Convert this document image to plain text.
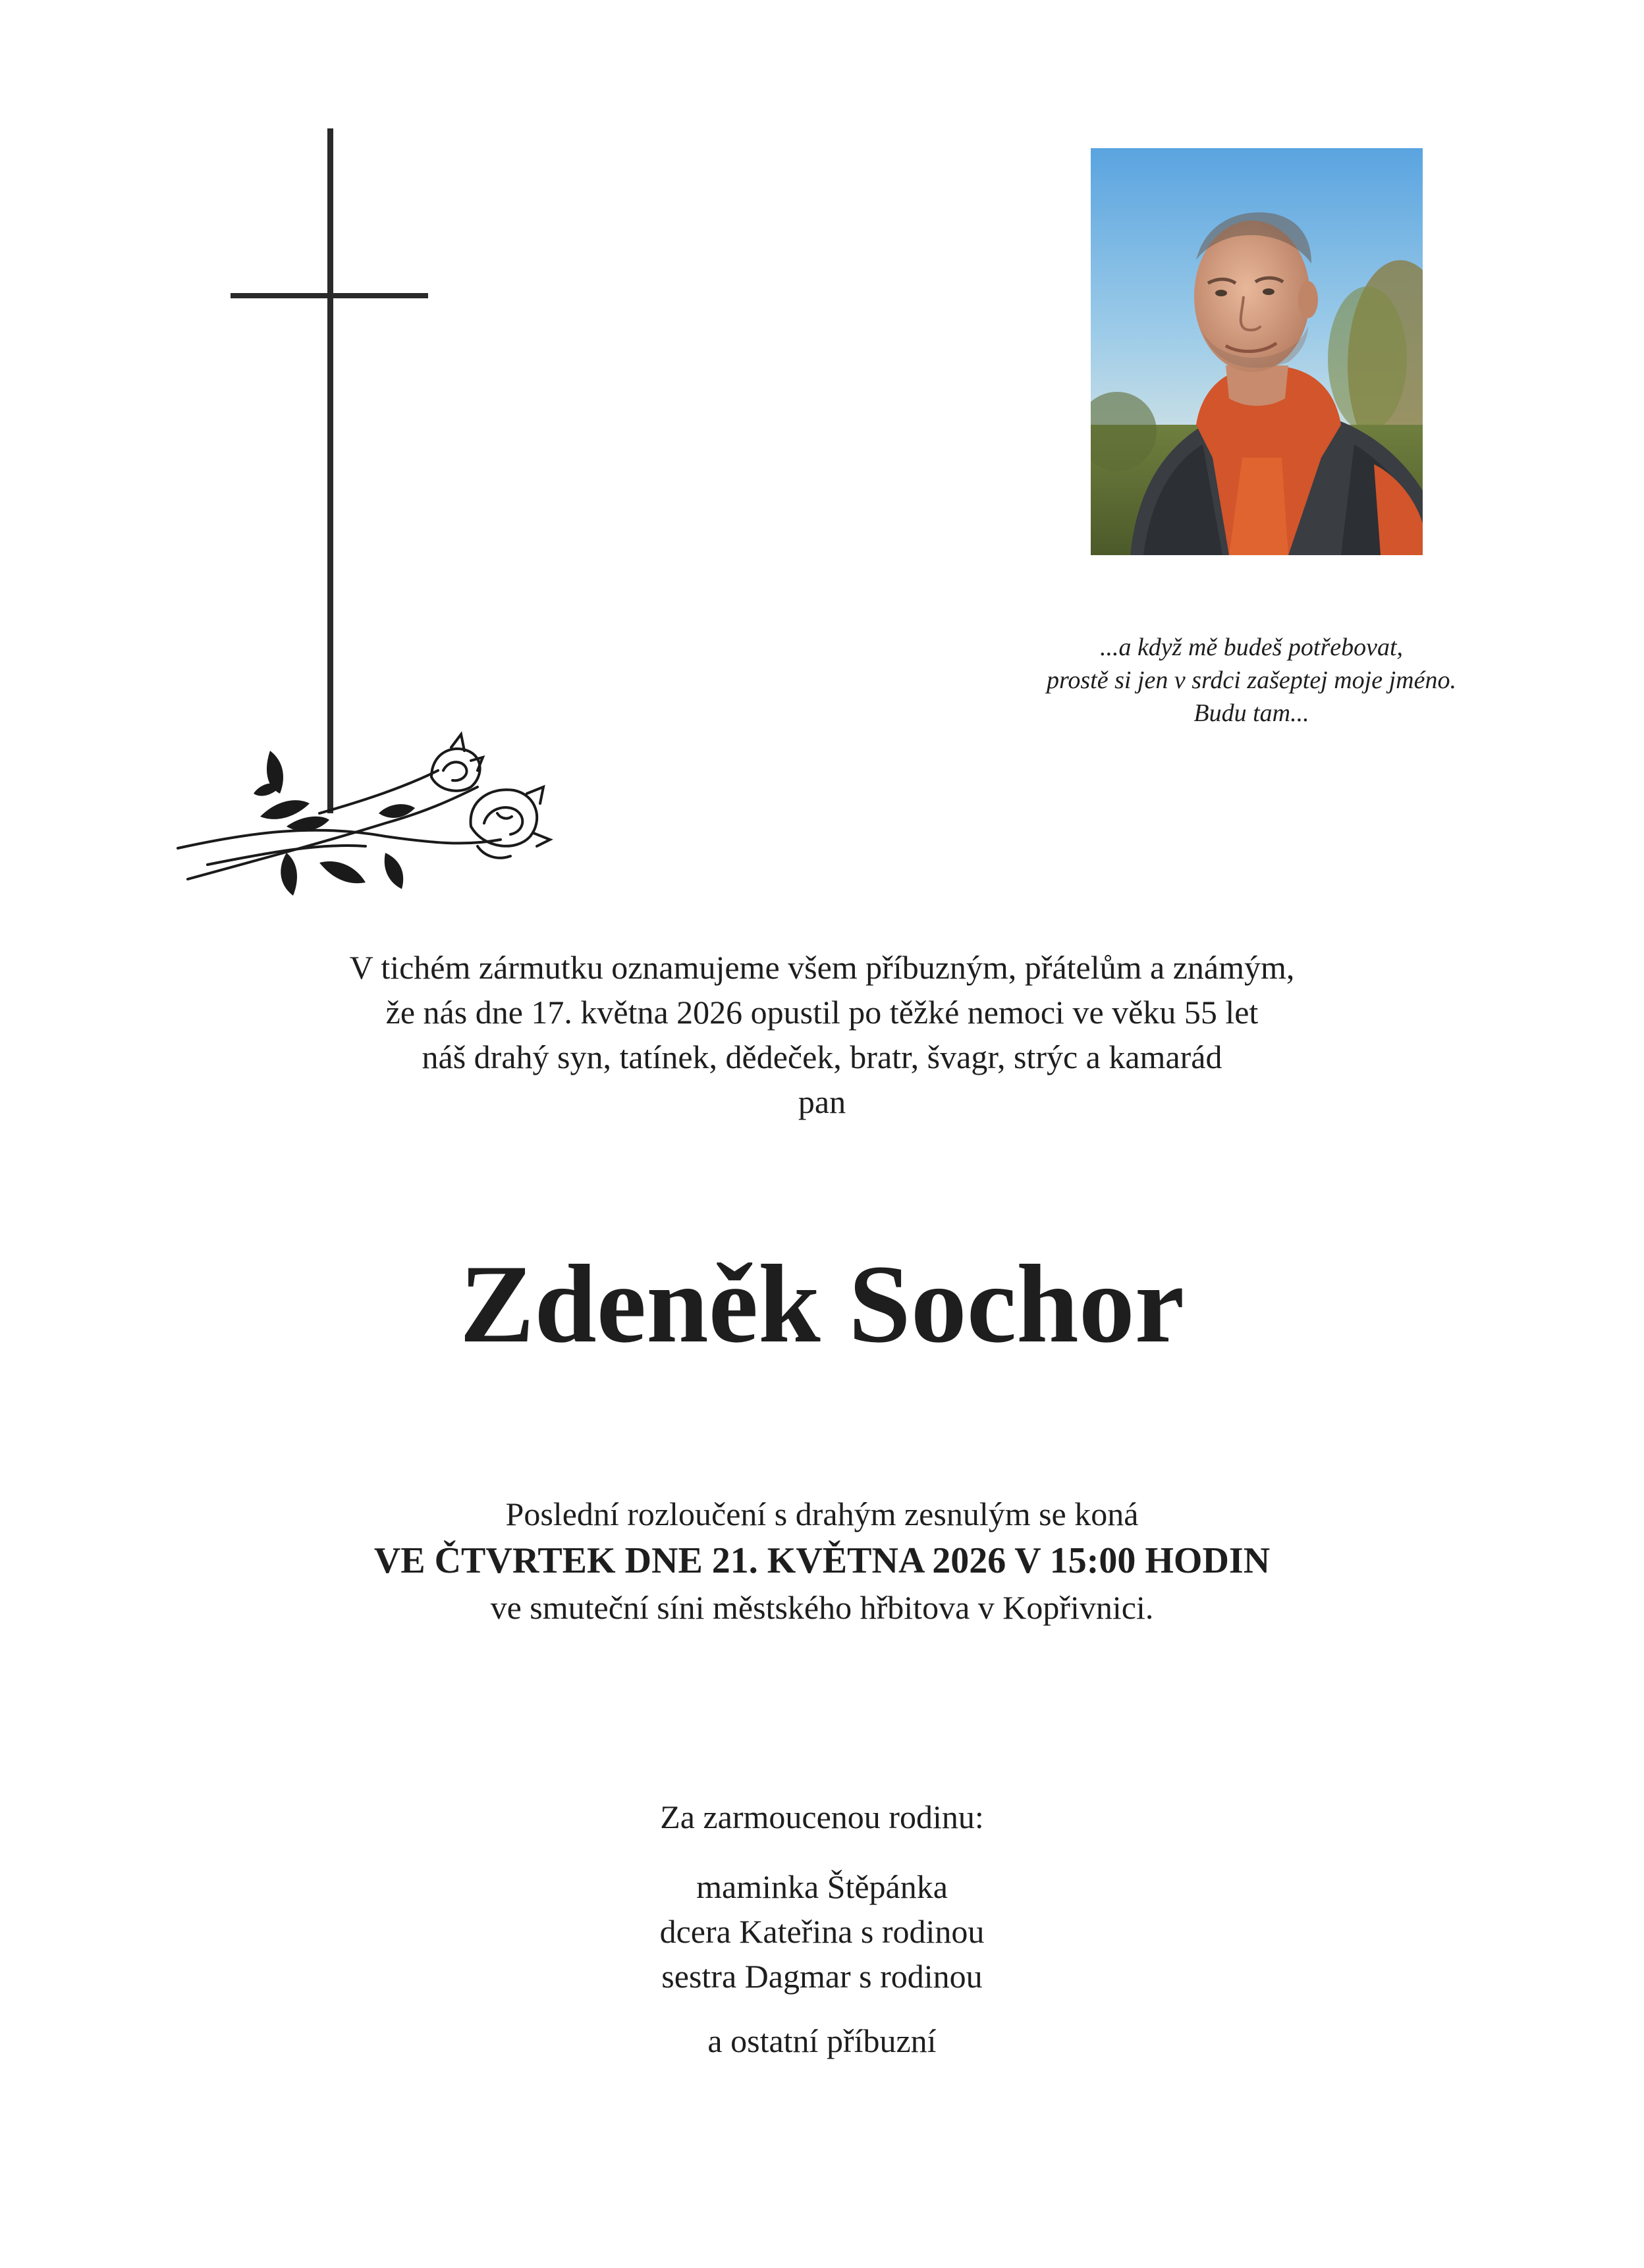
...a když mě budeš potřebovat,
prostě si jen v srdci zašeptej moje jméno.
Budu tam...
V tichém zármutku oznamujeme všem příbuzným, přátelům a známým,
že nás dne 17. května 2026 opustil po těžké nemoci ve věku 55 let
náš drahý syn, tatínek, dědeček, bratr, švagr, strýc a kamarád
pan
Zdeněk Sochor
Poslední rozloučení s drahým zesnulým se koná
VE ČTVRTEK DNE 21. KVĚTNA 2026 V 15:00 HODIN
ve smuteční síni městského hřbitova v Kopřivnici.
Za zarmoucenou rodinu:
maminka Štěpánka
dcera Kateřina s rodinou
sestra Dagmar s rodinou
a ostatní příbuzní
